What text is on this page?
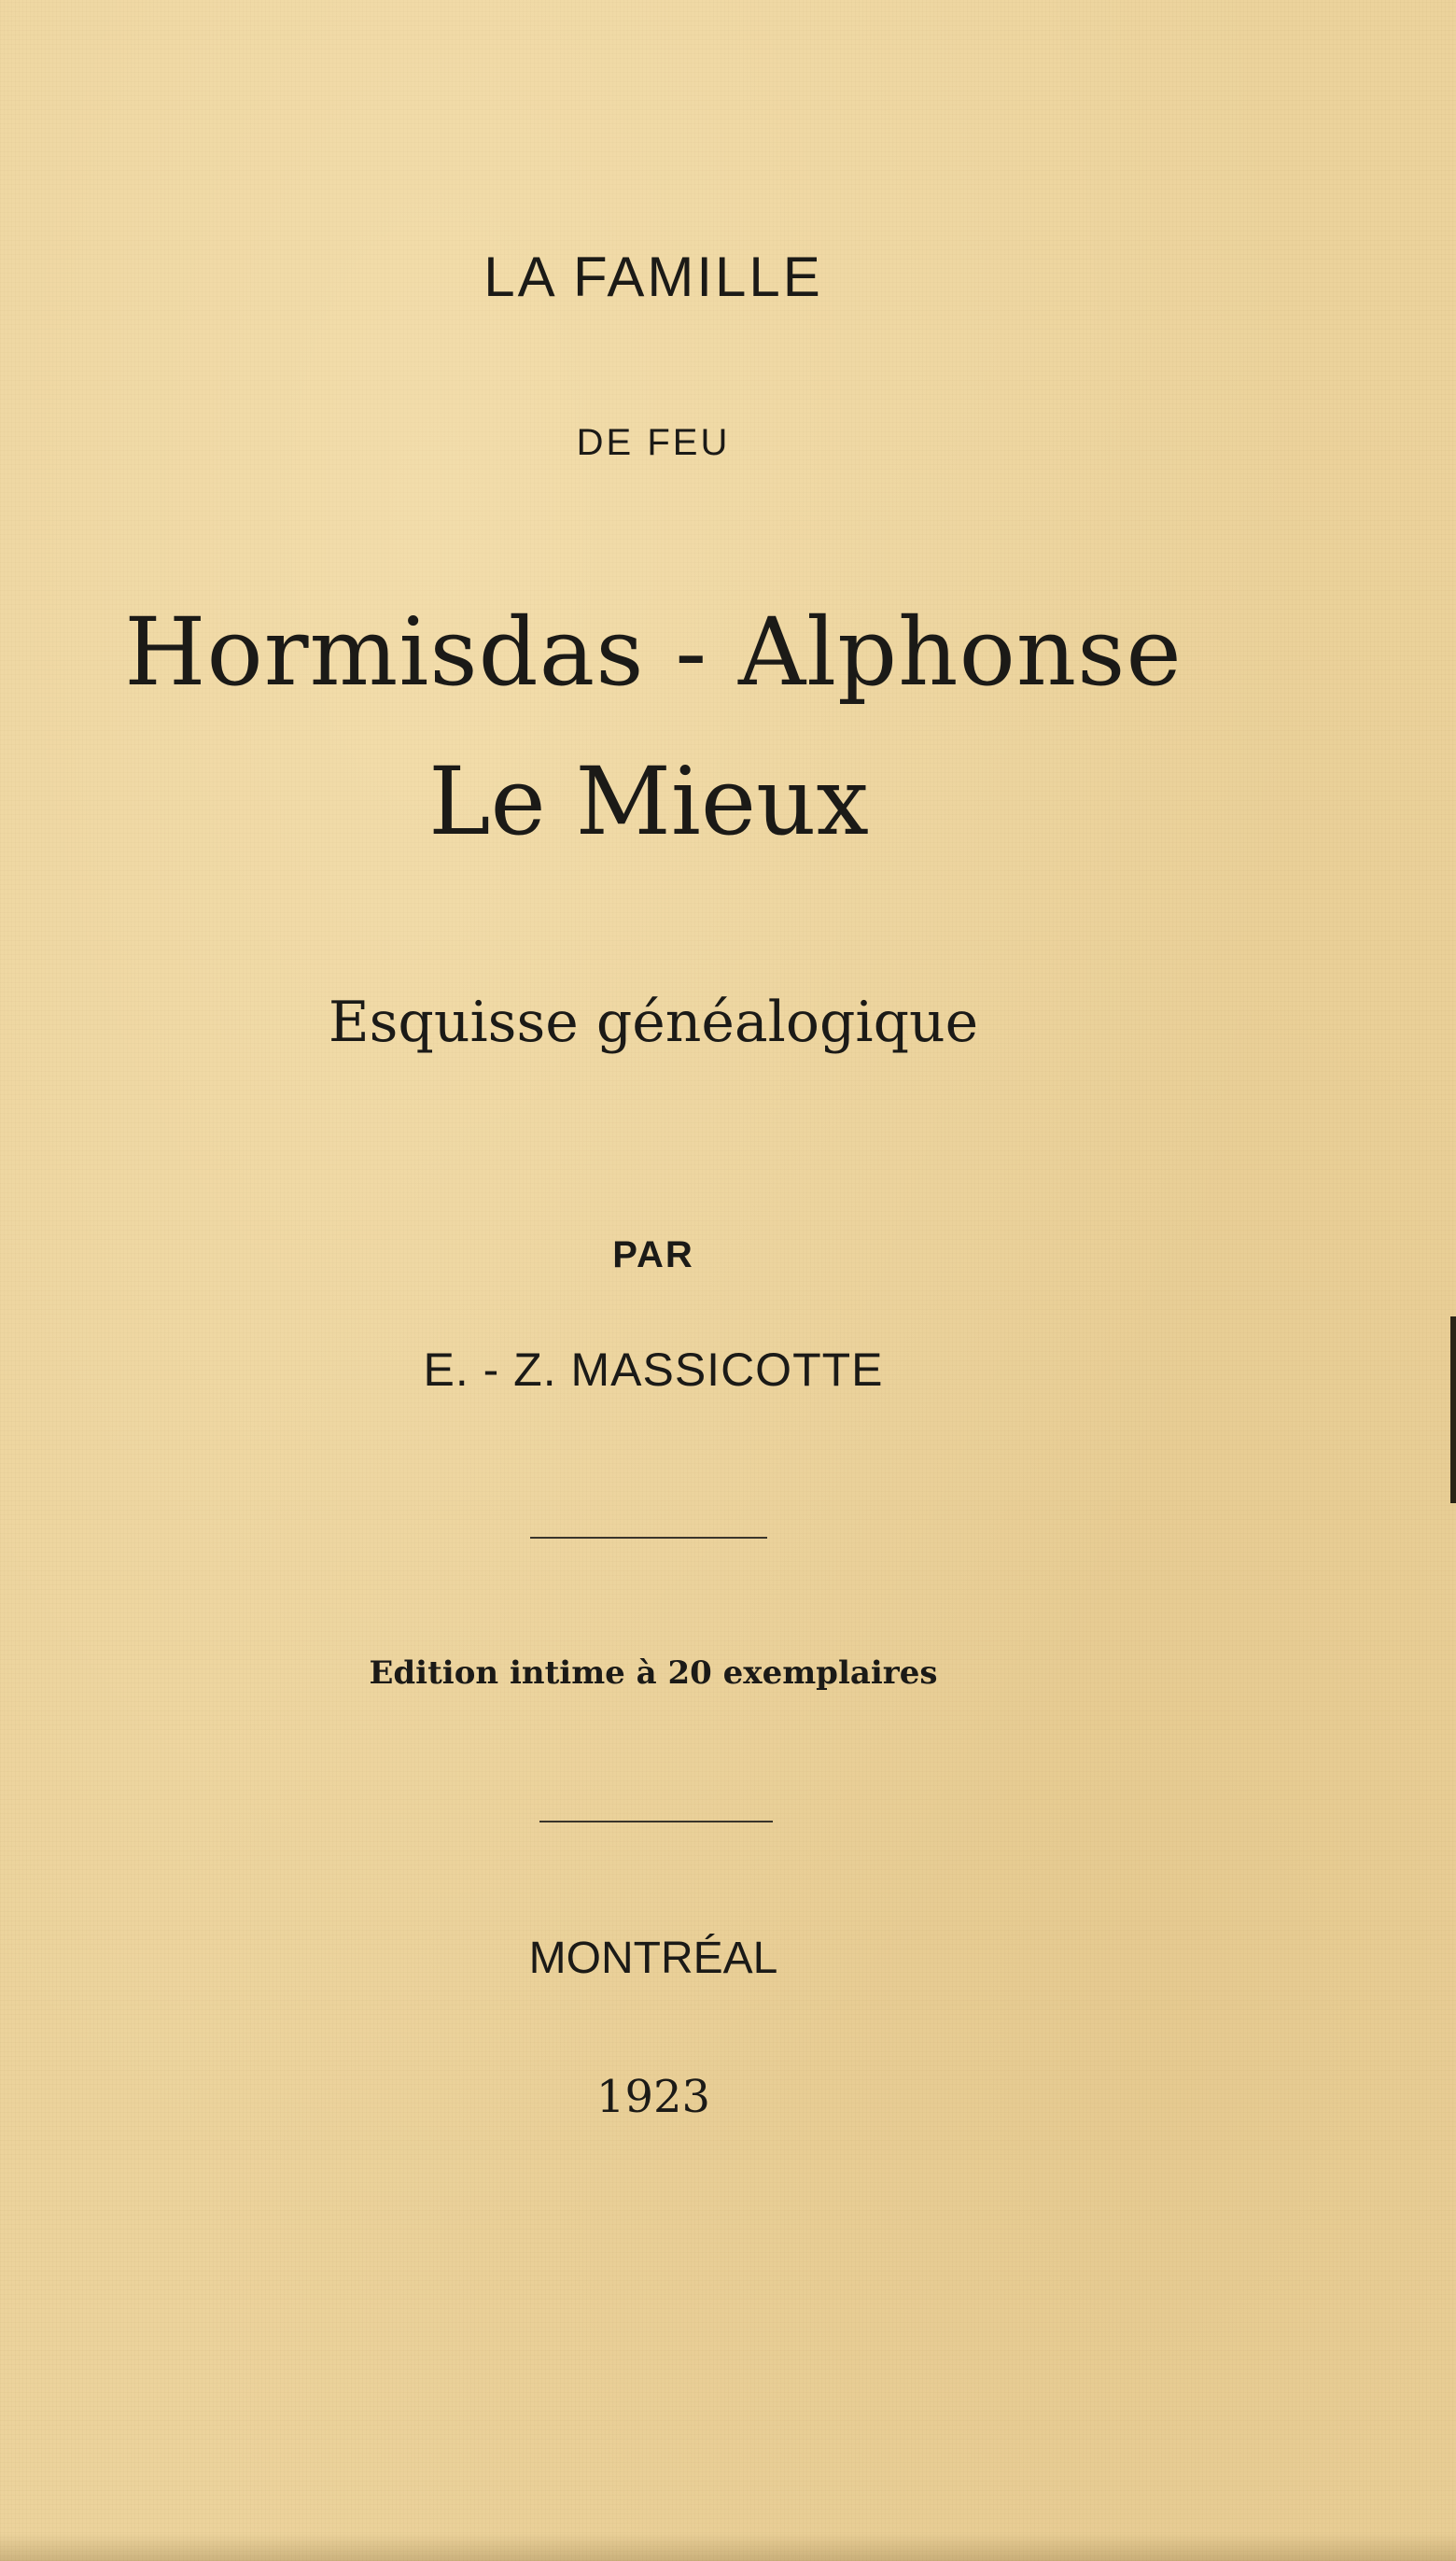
LA FAMILLE
DE FEU
Hormisdas - Alphonse
Le Mieux
Esquisse généalogique
PAR
E. - Z. MASSICOTTE
Edition intime à 20 exemplaires
MONTRÉAL
1923
